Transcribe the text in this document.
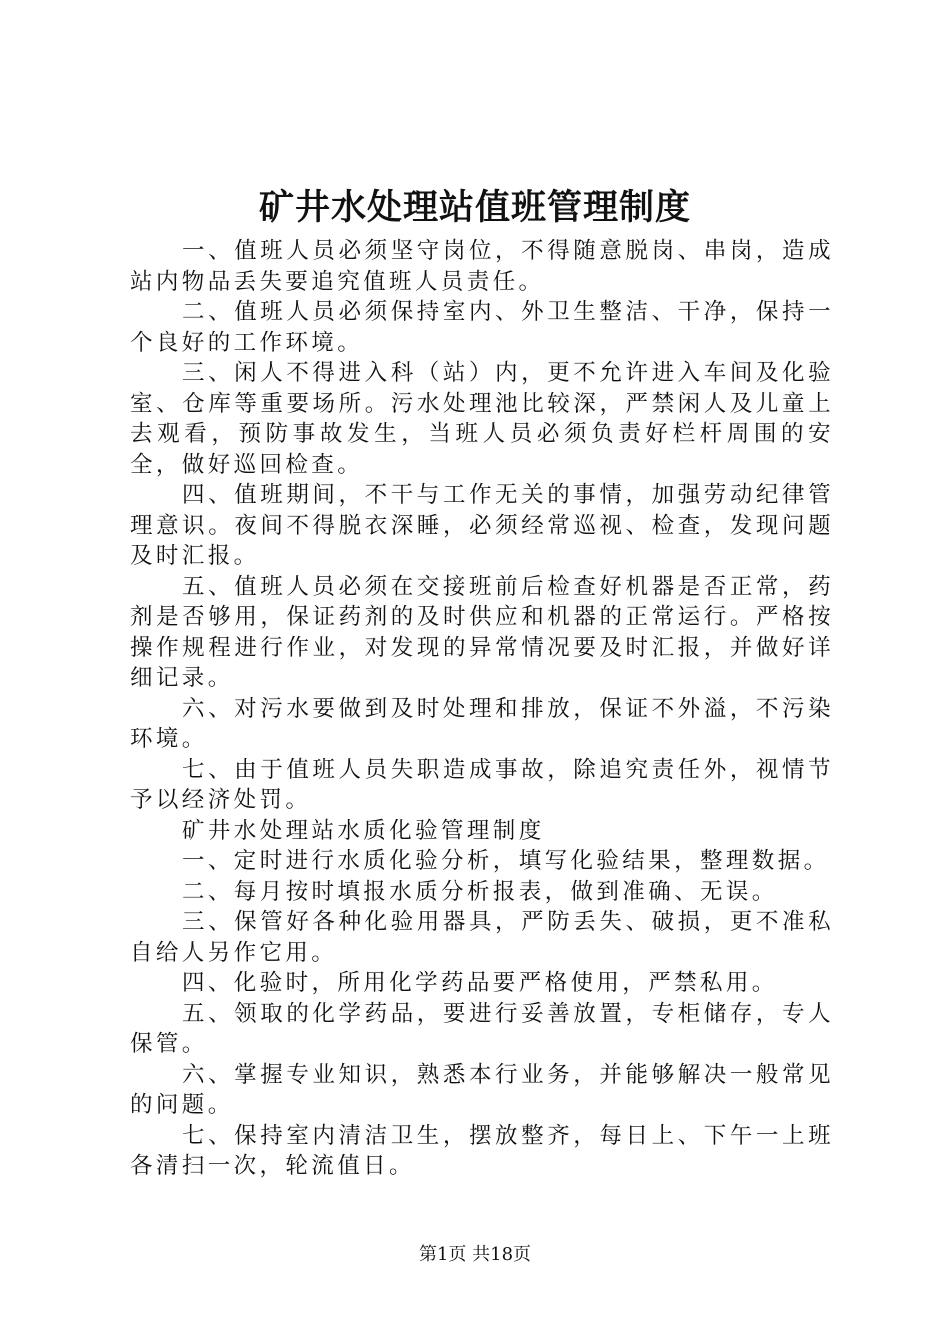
矿井水处理站值班管理制度

一、值班人员必须坚守岗位，不得随意脱岗、串岗，造成站内物品丢失要追究值班人员责任。

二、值班人员必须保持室内、外卫生整洁、干净，保持一个良好的工作环境。

三、闲人不得进入科（站）内，更不允许进入车间及化验室、仓库等重要场所。污水处理池比较深，严禁闲人及儿童上去观看，预防事故发生，当班人员必须负责好栏杆周围的安全，做好巡回检查。

四、值班期间，不干与工作无关的事情，加强劳动纪律管理意识。夜间不得脱衣深睡，必须经常巡视、检查，发现问题及时汇报。

五、值班人员必须在交接班前后检查好机器是否正常，药剂是否够用，保证药剂的及时供应和机器的正常运行。严格按操作规程进行作业，对发现的异常情况要及时汇报，并做好详细记录。

六、对污水要做到及时处理和排放，保证不外溢，不污染环境。

七、由于值班人员失职造成事故，除追究责任外，视情节予以经济处罚。

矿井水处理站水质化验管理制度

一、定时进行水质化验分析，填写化验结果，整理数据。

二、每月按时填报水质分析报表，做到准确、无误。

三、保管好各种化验用器具，严防丢失、破损，更不准私自给人另作它用。

四、化验时，所用化学药品要严格使用，严禁私用。

五、领取的化学药品，要进行妥善放置，专柜储存，专人保管。

六、掌握专业知识，熟悉本行业务，并能够解决一般常见的问题。

七、保持室内清洁卫生，摆放整齐，每日上、下午一上班各清扫一次，轮流值日。

第1页 共18页
